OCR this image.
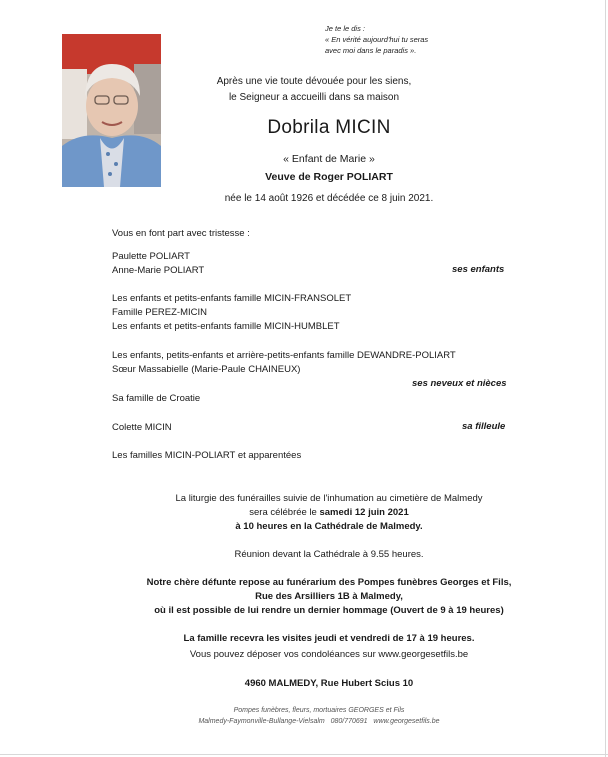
Je te le dis :
« En vérité aujourd'hui tu seras
avec moi dans le paradis ».
Après une vie toute dévouée pour les siens,
le Seigneur a accueilli dans sa maison
Dobrila MICIN
« Enfant de Marie »
Veuve de Roger POLIART
née le 14 août 1926 et décédée ce 8 juin 2021.
Vous en font part avec tristesse :
Paulette POLIART
Anne-Marie POLIART	ses enfants
Les enfants et petits-enfants famille MICIN-FRANSOLET
Famille PEREZ-MICIN
Les enfants et petits-enfants famille MICIN-HUMBLET
Les enfants, petits-enfants et arrière-petits-enfants famille DEWANDRE-POLIART
Sœur Massabielle (Marie-Paule CHAINEUX)
ses neveux et nièces
Sa famille de Croatie
Colette MICIN	sa filleule
Les familles MICIN-POLIART et apparentées
La liturgie des funérailles suivie de l'inhumation au cimetière de Malmedy
sera célébrée le samedi 12 juin 2021
à 10 heures en la Cathédrale de Malmedy.
Réunion devant la Cathédrale à 9.55 heures.
Notre chère défunte repose au funérarium des Pompes funèbres Georges et Fils,
Rue des Arsilliers 1B à Malmedy,
où il est possible de lui rendre un dernier hommage (Ouvert de 9 à 19 heures)
La famille recevra les visites jeudi et vendredi de 17 à 19 heures.
Vous pouvez déposer vos condoléances sur www.georgesetfils.be
4960 MALMEDY, Rue Hubert Scius 10
Pompes funèbres, fleurs, mortuaires GEORGES et Fils
Malmedy-Faymonville-Bullange-Vielsalm   080/770691   www.georgesetfils.be
